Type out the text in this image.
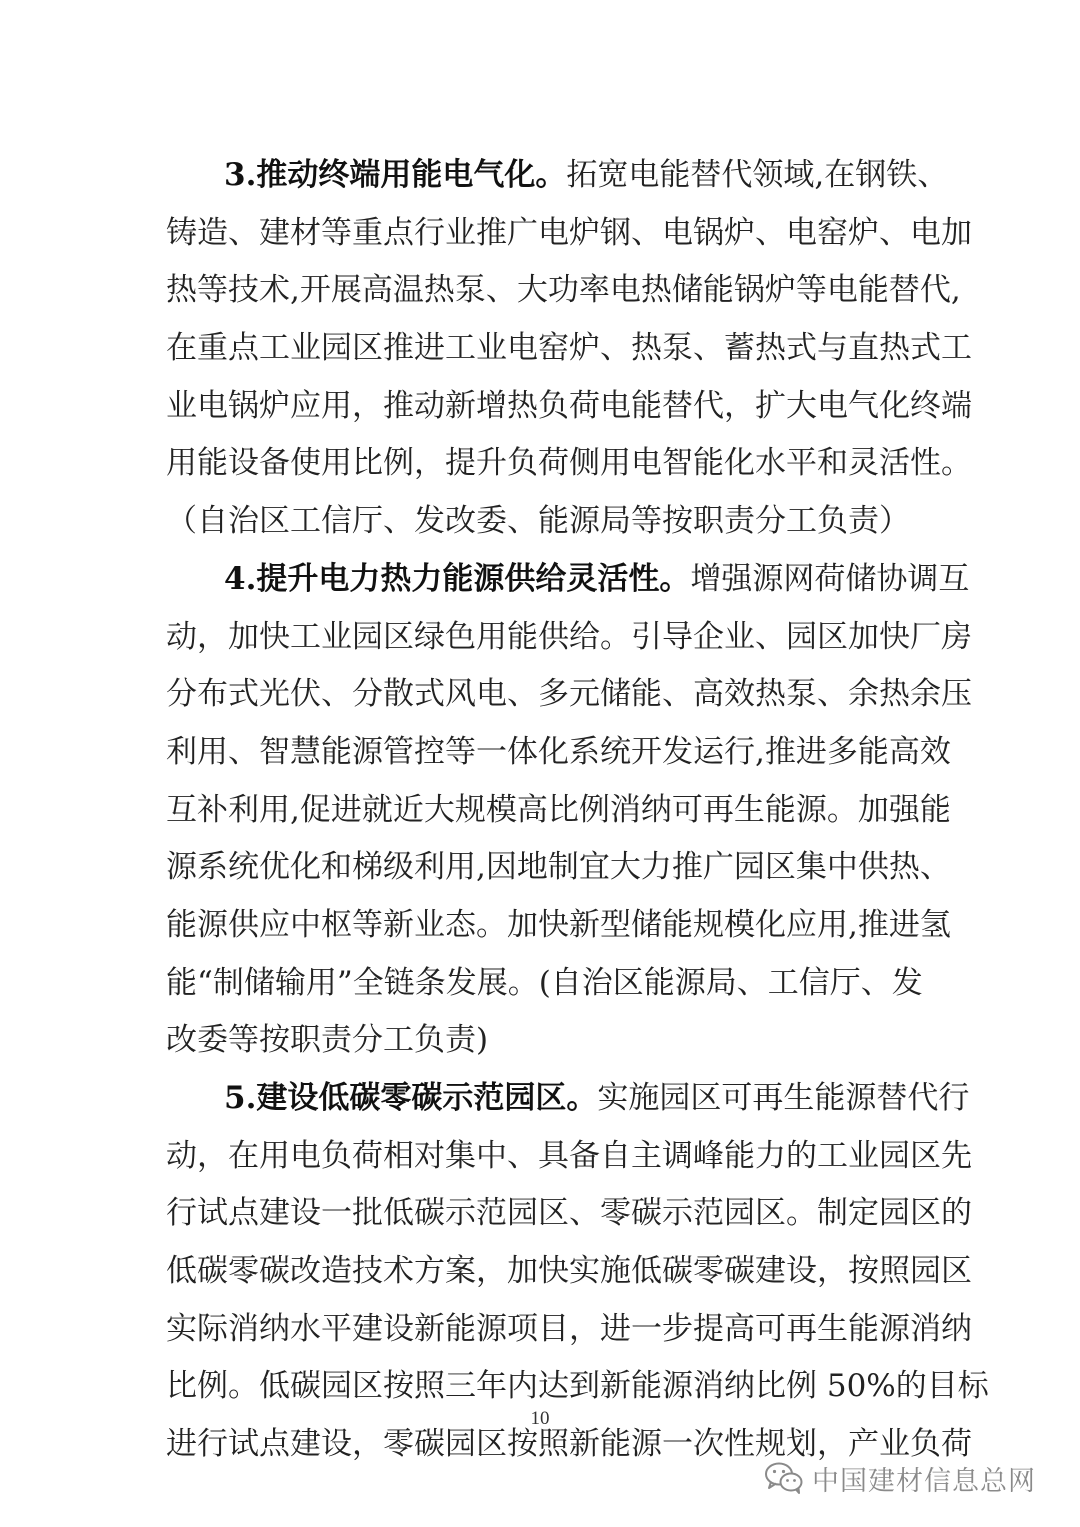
3.推动终端用能电气化。拓宽电能替代领域,在钢铁、
铸造、建材等重点行业推广电炉钢、电锅炉、电窑炉、电加
热等技术,开展高温热泵、大功率电热储能锅炉等电能替代,
在重点工业园区推进工业电窑炉、热泵、蓄热式与直热式工
业电锅炉应用，推动新增热负荷电能替代，扩大电气化终端
用能设备使用比例，提升负荷侧用电智能化水平和灵活性。
（自治区工信厅、发改委、能源局等按职责分工负责）
4.提升电力热力能源供给灵活性。增强源网荷储协调互
动，加快工业园区绿色用能供给。引导企业、园区加快厂房
分布式光伏、分散式风电、多元储能、高效热泵、余热余压
利用、智慧能源管控等一体化系统开发运行,推进多能高效
互补利用,促进就近大规模高比例消纳可再生能源。加强能
源系统优化和梯级利用,因地制宜大力推广园区集中供热、
能源供应中枢等新业态。加快新型储能规模化应用,推进氢
能“制储输用”全链条发展。(自治区能源局、工信厅、发
改委等按职责分工负责)
5.建设低碳零碳示范园区。实施园区可再生能源替代行
动，在用电负荷相对集中、具备自主调峰能力的工业园区先
行试点建设一批低碳示范园区、零碳示范园区。制定园区的
低碳零碳改造技术方案，加快实施低碳零碳建设，按照园区
实际消纳水平建设新能源项目，进一步提高可再生能源消纳
比例。低碳园区按照三年内达到新能源消纳比例 50%的目标
进行试点建设，零碳园区按照新能源一次性规划，产业负荷
10
中国建材信息总网
